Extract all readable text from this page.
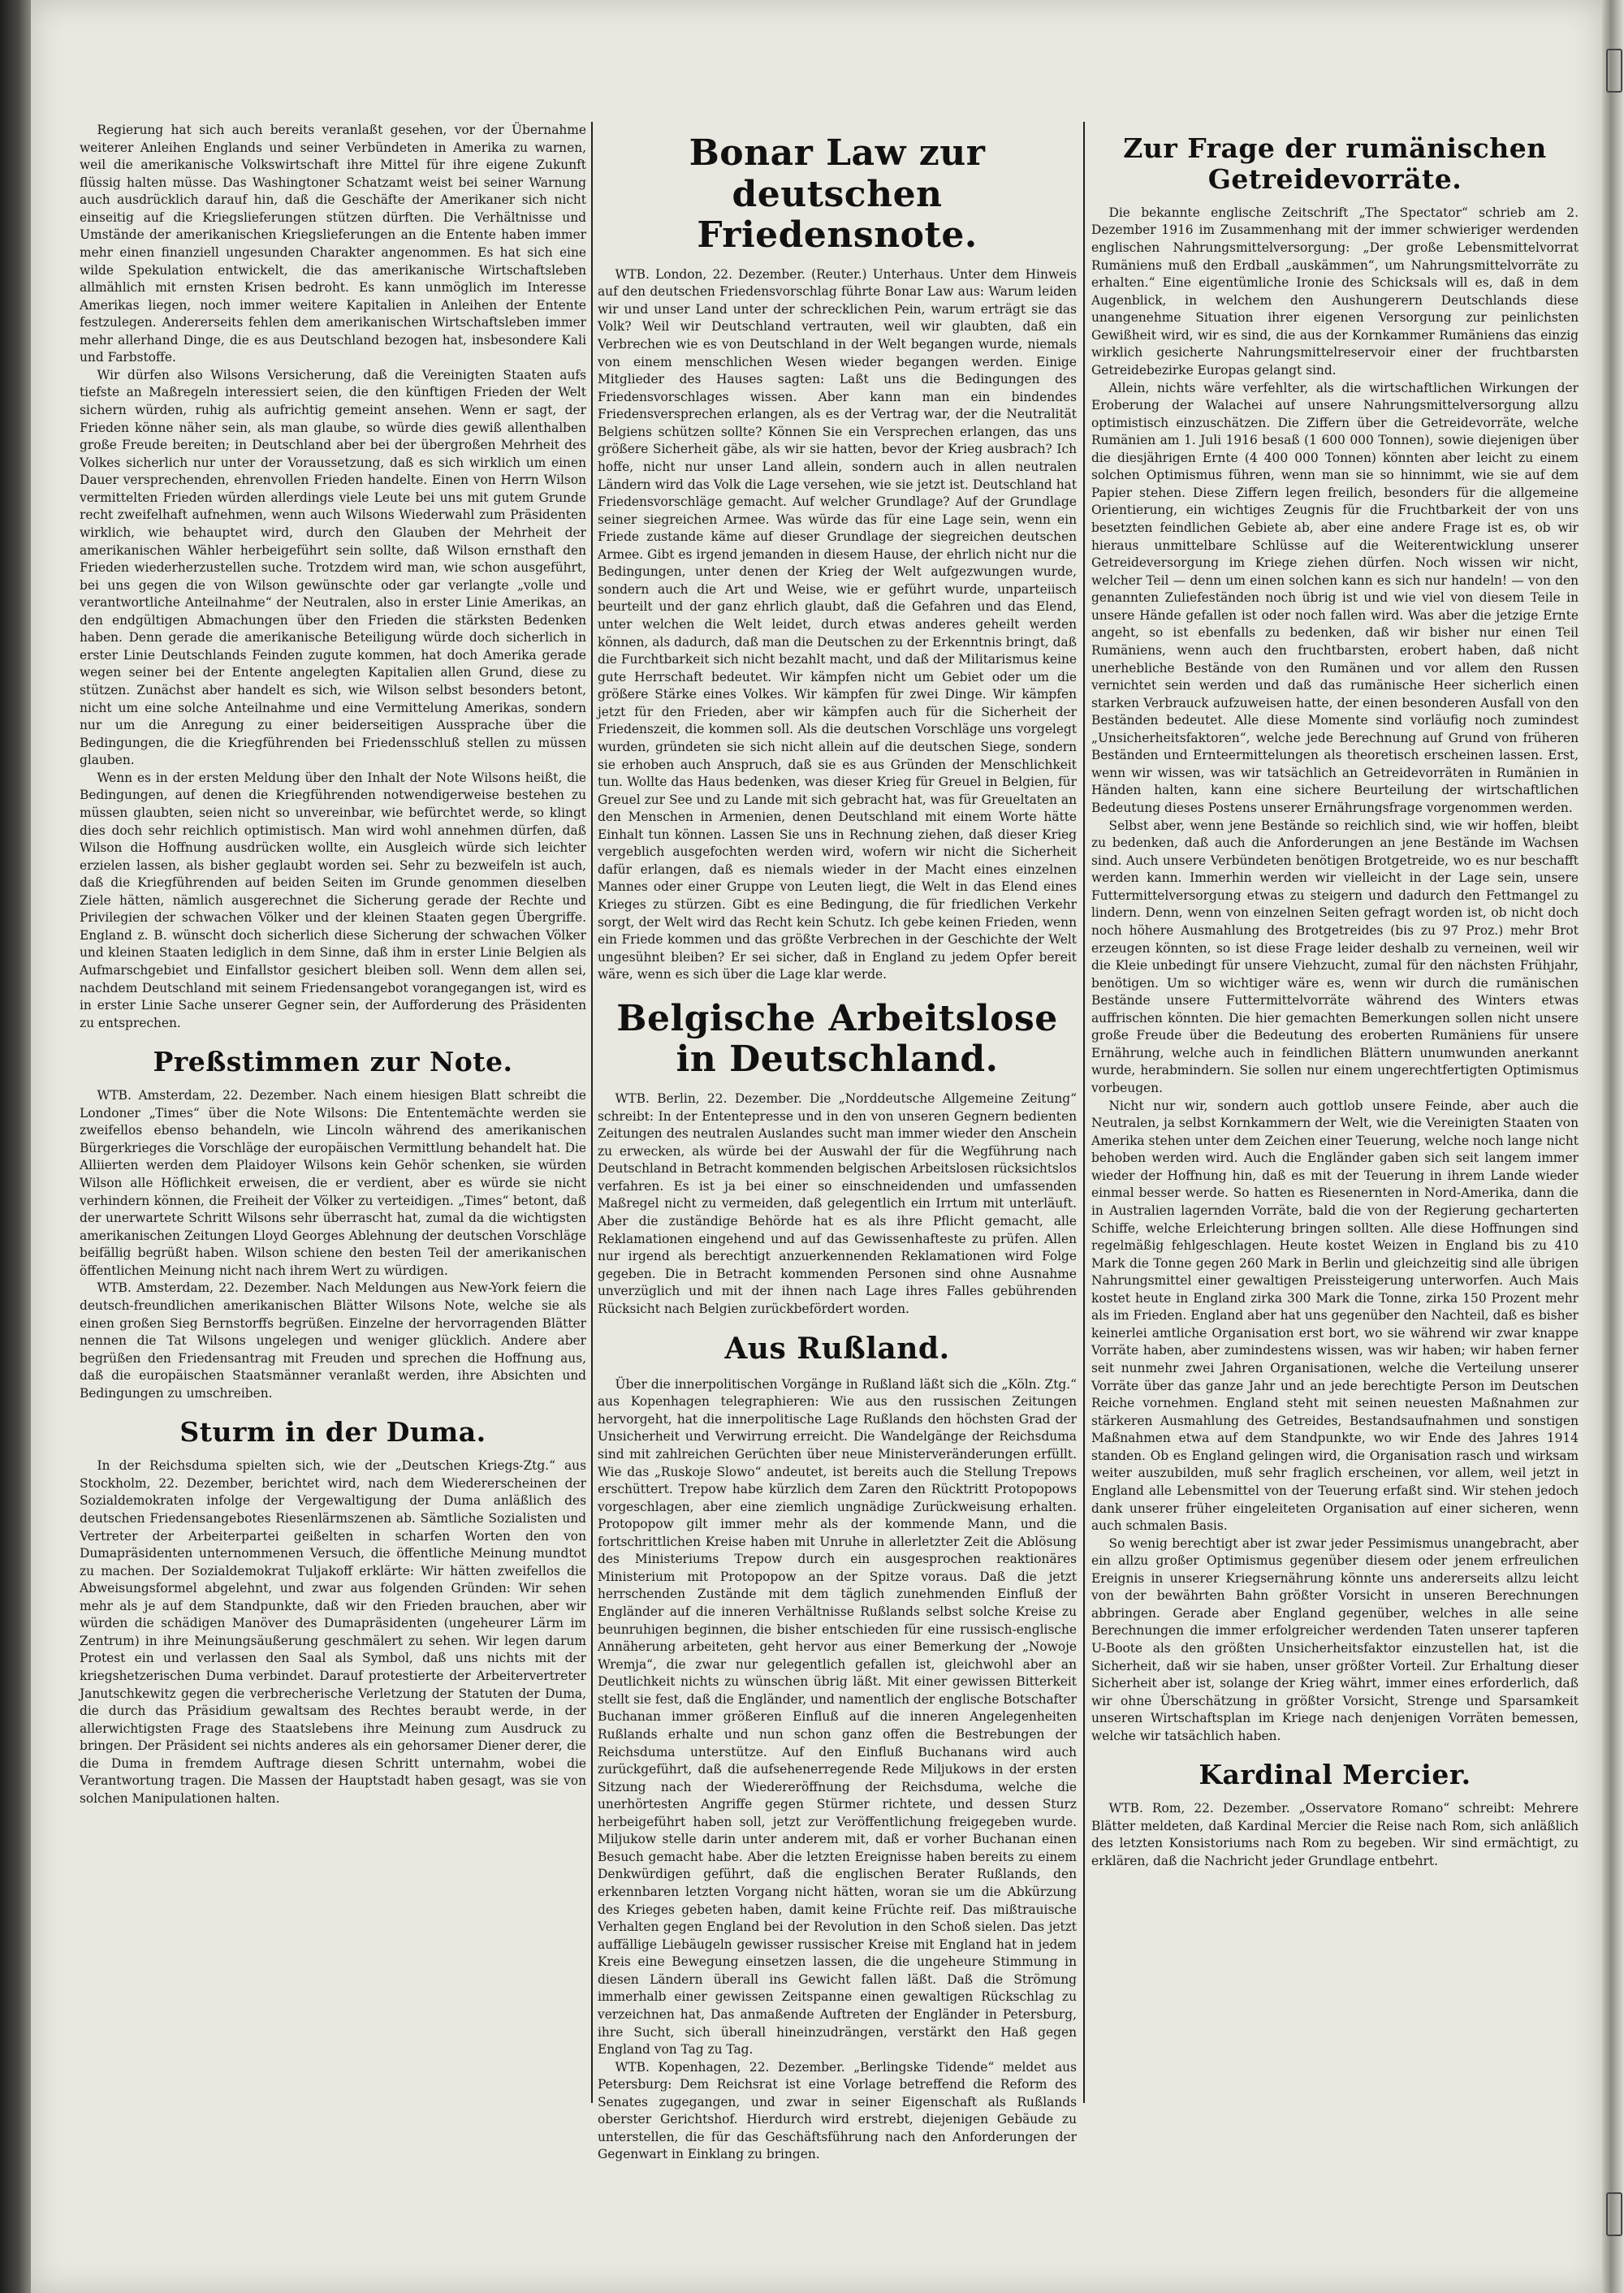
Regierung hat sich auch bereits veranlaßt gesehen, vor der Übernahme weiterer Anleihen Englands und seiner Verbündeten in Amerika zu warnen, weil die amerikanische Volkswirtschaft ihre Mittel für ihre eigene Zukunft flüssig halten müsse. Das Washingtoner Schatzamt weist bei seiner Warnung auch ausdrücklich darauf hin, daß die Geschäfte der Amerikaner sich nicht einseitig auf die Kriegslieferungen stützen dürften. Die Verhältnisse und Umstände der amerikanischen Kriegslieferungen an die Entente haben immer mehr einen finanziell ungesunden Charakter angenommen. Es hat sich eine wilde Spekulation entwickelt, die das amerikanische Wirtschaftsleben allmählich mit ernsten Krisen bedroht. Es kann unmöglich im Interesse Amerikas liegen, noch immer weitere Kapitalien in Anleihen der Entente festzulegen. Andererseits fehlen dem amerikanischen Wirtschaftsleben immer mehr allerhand Dinge, die es aus Deutschland bezogen hat, insbesondere Kali und Farbstoffe.

Wir dürfen also Wilsons Versicherung, daß die Vereinigten Staaten aufs tiefste an Maßregeln interessiert seien, die den künftigen Frieden der Welt sichern würden, ruhig als aufrichtig gemeint ansehen. Wenn er sagt, der Frieden könne näher sein, als man glaube, so würde dies gewiß allenthalben große Freude bereiten; in Deutschland aber bei der übergroßen Mehrheit des Volkes sicherlich nur unter der Voraussetzung, daß es sich wirklich um einen Dauer versprechenden, ehrenvollen Frieden handelte. Einen von Herrn Wilson vermittelten Frieden würden allerdings viele Leute bei uns mit gutem Grunde recht zweifelhaft aufnehmen, wenn auch Wilsons Wiederwahl zum Präsidenten wirklich, wie behauptet wird, durch den Glauben der Mehrheit der amerikanischen Wähler herbeigeführt sein sollte, daß Wilson ernsthaft den Frieden wiederherzustellen suche. Trotzdem wird man, wie schon ausgeführt, bei uns gegen die von Wilson gewünschte oder gar verlangte „volle und verantwortliche Anteilnahme“ der Neutralen, also in erster Linie Amerikas, an den endgültigen Abmachungen über den Frieden die stärksten Bedenken haben. Denn gerade die amerikanische Beteiligung würde doch sicherlich in erster Linie Deutschlands Feinden zugute kommen, hat doch Amerika gerade wegen seiner bei der Entente angelegten Kapitalien allen Grund, diese zu stützen. Zunächst aber handelt es sich, wie Wilson selbst besonders betont, nicht um eine solche Anteilnahme und eine Vermittelung Amerikas, sondern nur um die Anregung zu einer beiderseitigen Aussprache über die Bedingungen, die die Kriegführenden bei Friedensschluß stellen zu müssen glauben.

Wenn es in der ersten Meldung über den Inhalt der Note Wilsons heißt, die Bedingungen, auf denen die Kriegführenden notwendigerweise bestehen zu müssen glaubten, seien nicht so unvereinbar, wie befürchtet werde, so klingt dies doch sehr reichlich optimistisch. Man wird wohl annehmen dürfen, daß Wilson die Hoffnung ausdrücken wollte, ein Ausgleich würde sich leichter erzielen lassen, als bisher geglaubt worden sei. Sehr zu bezweifeln ist auch, daß die Kriegführenden auf beiden Seiten im Grunde genommen dieselben Ziele hätten, nämlich ausgerechnet die Sicherung gerade der Rechte und Privilegien der schwachen Völker und der kleinen Staaten gegen Übergriffe. England z. B. wünscht doch sicherlich diese Sicherung der schwachen Völker und kleinen Staaten lediglich in dem Sinne, daß ihm in erster Linie Belgien als Aufmarschgebiet und Einfallstor gesichert bleiben soll. Wenn dem allen sei, nachdem Deutschland mit seinem Friedensangebot vorangegangen ist, wird es in erster Linie Sache unserer Gegner sein, der Aufforderung des Präsidenten zu entsprechen.

Preßstimmen zur Note.

WTB. Amsterdam, 22. Dezember. Nach einem hiesigen Blatt schreibt die Londoner „Times“ über die Note Wilsons: Die Ententemächte werden sie zweifellos ebenso behandeln, wie Lincoln während des amerikanischen Bürgerkrieges die Vorschläge der europäischen Vermittlung behandelt hat. Die Alliierten werden dem Plaidoyer Wilsons kein Gehör schenken, sie würden Wilson alle Höflichkeit erweisen, die er verdient, aber es würde sie nicht verhindern können, die Freiheit der Völker zu verteidigen. „Times“ betont, daß der unerwartete Schritt Wilsons sehr überrascht hat, zumal da die wichtigsten amerikanischen Zeitungen Lloyd Georges Ablehnung der deutschen Vorschläge beifällig begrüßt haben. Wilson schiene den besten Teil der amerikanischen öffentlichen Meinung nicht nach ihrem Wert zu würdigen.

WTB. Amsterdam, 22. Dezember. Nach Meldungen aus New-York feiern die deutsch-freundlichen amerikanischen Blätter Wilsons Note, welche sie als einen großen Sieg Bernstorffs begrüßen. Einzelne der hervorragenden Blätter nennen die Tat Wilsons ungelegen und weniger glücklich. Andere aber begrüßen den Friedensantrag mit Freuden und sprechen die Hoffnung aus, daß die europäischen Staatsmänner veranlaßt werden, ihre Absichten und Bedingungen zu umschreiben.

Sturm in der Duma.

In der Reichsduma spielten sich, wie der „Deutschen Kriegs-Ztg.“ aus Stockholm, 22. Dezember, berichtet wird, nach dem Wiedererscheinen der Sozialdemokraten infolge der Vergewaltigung der Duma anläßlich des deutschen Friedensangebotes Riesenlärmszenen ab. Sämtliche Sozialisten und Vertreter der Arbeiterpartei geißelten in scharfen Worten den von Dumapräsidenten unternommenen Versuch, die öffentliche Meinung mundtot zu machen. Der Sozialdemokrat Tuljakoff erklärte: Wir hätten zweifellos die Abweisungsformel abgelehnt, und zwar aus folgenden Gründen: Wir sehen mehr als je auf dem Standpunkte, daß wir den Frieden brauchen, aber wir würden die schädigen Manöver des Dumapräsidenten (ungeheurer Lärm im Zentrum) in ihre Meinungsäußerung geschmälert zu sehen. Wir legen darum Protest ein und verlassen den Saal als Symbol, daß uns nichts mit der kriegshetzerischen Duma verbindet. Darauf protestierte der Arbeitervertreter Janutschkewitz gegen die verbrecherische Verletzung der Statuten der Duma, die durch das Präsidium gewaltsam des Rechtes beraubt werde, in der allerwichtigsten Frage des Staatslebens ihre Meinung zum Ausdruck zu bringen. Der Präsident sei nichts anderes als ein gehorsamer Diener derer, die die Duma in fremdem Auftrage diesen Schritt unternahm, wobei die Verantwortung tragen. Die Massen der Hauptstadt haben gesagt, was sie von solchen Manipulationen halten.

Bonar Law zur deutschen Friedensnote.

WTB. London, 22. Dezember. (Reuter.) Unterhaus. Unter dem Hinweis auf den deutschen Friedensvorschlag führte Bonar Law aus: Warum leiden wir und unser Land unter der schrecklichen Pein, warum erträgt sie das Volk? Weil wir Deutschland vertrauten, weil wir glaubten, daß ein Verbrechen wie es von Deutschland in der Welt begangen wurde, niemals von einem menschlichen Wesen wieder begangen werden. Einige Mitglieder des Hauses sagten: Laßt uns die Bedingungen des Friedensvorschlages wissen. Aber kann man ein bindendes Friedensversprechen erlangen, als es der Vertrag war, der die Neutralität Belgiens schützen sollte? Können Sie ein Versprechen erlangen, das uns größere Sicherheit gäbe, als wir sie hatten, bevor der Krieg ausbrach? Ich hoffe, nicht nur unser Land allein, sondern auch in allen neutralen Ländern wird das Volk die Lage versehen, wie sie jetzt ist. Deutschland hat Friedensvorschläge gemacht. Auf welcher Grundlage? Auf der Grundlage seiner siegreichen Armee. Was würde das für eine Lage sein, wenn ein Friede zustande käme auf dieser Grundlage der siegreichen deutschen Armee. Gibt es irgend jemanden in diesem Hause, der ehrlich nicht nur die Bedingungen, unter denen der Krieg der Welt aufgezwungen wurde, sondern auch die Art und Weise, wie er geführt wurde, unparteiisch beurteilt und der ganz ehrlich glaubt, daß die Gefahren und das Elend, unter welchen die Welt leidet, durch etwas anderes geheilt werden können, als dadurch, daß man die Deutschen zu der Erkenntnis bringt, daß die Furchtbarkeit sich nicht bezahlt macht, und daß der Militarismus keine gute Herrschaft bedeutet. Wir kämpfen nicht um Gebiet oder um die größere Stärke eines Volkes. Wir kämpfen für zwei Dinge. Wir kämpfen jetzt für den Frieden, aber wir kämpfen auch für die Sicherheit der Friedenszeit, die kommen soll. Als die deutschen Vorschläge uns vorgelegt wurden, gründeten sie sich nicht allein auf die deutschen Siege, sondern sie erhoben auch Anspruch, daß sie es aus Gründen der Menschlichkeit tun. Wollte das Haus bedenken, was dieser Krieg für Greuel in Belgien, für Greuel zur See und zu Lande mit sich gebracht hat, was für Greueltaten an den Menschen in Armenien, denen Deutschland mit einem Worte hätte Einhalt tun können. Lassen Sie uns in Rechnung ziehen, daß dieser Krieg vergeblich ausgefochten werden wird, wofern wir nicht die Sicherheit dafür erlangen, daß es niemals wieder in der Macht eines einzelnen Mannes oder einer Gruppe von Leuten liegt, die Welt in das Elend eines Krieges zu stürzen. Gibt es eine Bedingung, die für friedlichen Verkehr sorgt, der Welt wird das Recht kein Schutz. Ich gebe keinen Frieden, wenn ein Friede kommen und das größte Verbrechen in der Geschichte der Welt ungesühnt bleiben? Er sei sicher, daß in England zu jedem Opfer bereit wäre, wenn es sich über die Lage klar werde.

Belgische Arbeitslose in Deutschland.

WTB. Berlin, 22. Dezember. Die „Norddeutsche Allgemeine Zeitung“ schreibt: In der Ententepresse und in den von unseren Gegnern bedienten Zeitungen des neutralen Auslandes sucht man immer wieder den Anschein zu erwecken, als würde bei der Auswahl der für die Wegführung nach Deutschland in Betracht kommenden belgischen Arbeitslosen rücksichtslos verfahren. Es ist ja bei einer so einschneidenden und umfassenden Maßregel nicht zu vermeiden, daß gelegentlich ein Irrtum mit unterläuft. Aber die zuständige Behörde hat es als ihre Pflicht gemacht, alle Reklamationen eingehend und auf das Gewissenhafteste zu prüfen. Allen nur irgend als berechtigt anzuerkennenden Reklamationen wird Folge gegeben. Die in Betracht kommenden Personen sind ohne Ausnahme unverzüglich und mit der ihnen nach Lage ihres Falles gebührenden Rücksicht nach Belgien zurückbefördert worden.

Aus Rußland.

Über die innerpolitischen Vorgänge in Rußland läßt sich die „Köln. Ztg.“ aus Kopenhagen telegraphieren: Wie aus den russischen Zeitungen hervorgeht, hat die innerpolitische Lage Rußlands den höchsten Grad der Unsicherheit und Verwirrung erreicht. Die Wandelgänge der Reichsduma sind mit zahlreichen Gerüchten über neue Ministerveränderungen erfüllt. Wie das „Ruskoje Slowo“ andeutet, ist bereits auch die Stellung Trepows erschüttert. Trepow habe kürzlich dem Zaren den Rücktritt Protopopows vorgeschlagen, aber eine ziemlich ungnädige Zurückweisung erhalten. Protopopow gilt immer mehr als der kommende Mann, und die fortschrittlichen Kreise haben mit Unruhe in allerletzter Zeit die Ablösung des Ministeriums Trepow durch ein ausgesprochen reaktionäres Ministerium mit Protopopow an der Spitze voraus. Daß die jetzt herrschenden Zustände mit dem täglich zunehmenden Einfluß der Engländer auf die inneren Verhältnisse Rußlands selbst solche Kreise zu beunruhigen beginnen, die bisher entschieden für eine russisch-englische Annäherung arbeiteten, geht hervor aus einer Bemerkung der „Nowoje Wremja“, die zwar nur gelegentlich gefallen ist, gleichwohl aber an Deutlichkeit nichts zu wünschen übrig läßt. Mit einer gewissen Bitterkeit stellt sie fest, daß die Engländer, und namentlich der englische Botschafter Buchanan immer größeren Einfluß auf die inneren Angelegenheiten Rußlands erhalte und nun schon ganz offen die Bestrebungen der Reichsduma unterstütze. Auf den Einfluß Buchanans wird auch zurückgeführt, daß die aufsehenerregende Rede Miljukows in der ersten Sitzung nach der Wiedereröffnung der Reichsduma, welche die unerhörtesten Angriffe gegen Stürmer richtete, und dessen Sturz herbeigeführt haben soll, jetzt zur Veröffentlichung freigegeben wurde. Miljukow stelle darin unter anderem mit, daß er vorher Buchanan einen Besuch gemacht habe. Aber die letzten Ereignisse haben bereits zu einem Denkwürdigen geführt, daß die englischen Berater Rußlands, den erkennbaren letzten Vorgang nicht hätten, woran sie um die Abkürzung des Krieges gebeten haben, damit keine Früchte reif. Das mißtrauische Verhalten gegen England bei der Revolution in den Schoß sielen. Das jetzt auffällige Liebäugeln gewisser russischer Kreise mit England hat in jedem Kreis eine Bewegung einsetzen lassen, die die ungeheure Stimmung in diesen Ländern überall ins Gewicht fallen läßt. Daß die Strömung immerhalb einer gewissen Zeitspanne einen gewaltigen Rückschlag zu verzeichnen hat, Das anmaßende Auftreten der Engländer in Petersburg, ihre Sucht, sich überall hineinzudrängen, verstärkt den Haß gegen England von Tag zu Tag.

WTB. Kopenhagen, 22. Dezember. „Berlingske Tidende“ meldet aus Petersburg: Dem Reichsrat ist eine Vorlage betreffend die Reform des Senates zugegangen, und zwar in seiner Eigenschaft als Rußlands oberster Gerichtshof. Hierdurch wird erstrebt, diejenigen Gebäude zu unterstellen, die für das Geschäftsführung nach den Anforderungen der Gegenwart in Einklang zu bringen.

Zur Frage der rumänischen Getreidevorräte.

Die bekannte englische Zeitschrift „The Spectator“ schrieb am 2. Dezember 1916 im Zusammenhang mit der immer schwieriger werdenden englischen Nahrungsmittelversorgung: „Der große Lebensmittelvorrat Rumäniens muß den Erdball „auskämmen“, um Nahrungsmittelvorräte zu erhalten.“ Eine eigentümliche Ironie des Schicksals will es, daß in dem Augenblick, in welchem den Aushungerern Deutschlands diese unangenehme Situation ihrer eigenen Versorgung zur peinlichsten Gewißheit wird, wir es sind, die aus der Kornkammer Rumäniens das einzig wirklich gesicherte Nahrungsmittelreservoir einer der fruchtbarsten Getreidebezirke Europas gelangt sind.

Allein, nichts wäre verfehlter, als die wirtschaftlichen Wirkungen der Eroberung der Walachei auf unsere Nahrungsmittelversorgung allzu optimistisch einzuschätzen. Die Ziffern über die Getreidevorräte, welche Rumänien am 1. Juli 1916 besaß (1 600 000 Tonnen), sowie diejenigen über die diesjährigen Ernte (4 400 000 Tonnen) könnten aber leicht zu einem solchen Optimismus führen, wenn man sie so hinnimmt, wie sie auf dem Papier stehen. Diese Ziffern legen freilich, besonders für die allgemeine Orientierung, ein wichtiges Zeugnis für die Fruchtbarkeit der von uns besetzten feindlichen Gebiete ab, aber eine andere Frage ist es, ob wir hieraus unmittelbare Schlüsse auf die Weiterentwicklung unserer Getreideversorgung im Kriege ziehen dürfen. Noch wissen wir nicht, welcher Teil — denn um einen solchen kann es sich nur handeln! — von den genannten Zuliefeständen noch übrig ist und wie viel von diesem Teile in unsere Hände gefallen ist oder noch fallen wird. Was aber die jetzige Ernte angeht, so ist ebenfalls zu bedenken, daß wir bisher nur einen Teil Rumäniens, wenn auch den fruchtbarsten, erobert haben, daß nicht unerhebliche Bestände von den Rumänen und vor allem den Russen vernichtet sein werden und daß das rumänische Heer sicherlich einen starken Verbrauck aufzuweisen hatte, der einen besonderen Ausfall von den Beständen bedeutet. Alle diese Momente sind vorläufig noch zumindest „Unsicherheitsfaktoren“, welche jede Berechnung auf Grund von früheren Beständen und Ernteermittelungen als theoretisch erscheinen lassen. Erst, wenn wir wissen, was wir tatsächlich an Getreidevorräten in Rumänien in Händen halten, kann eine sichere Beurteilung der wirtschaftlichen Bedeutung dieses Postens unserer Ernährungsfrage vorgenommen werden.

Selbst aber, wenn jene Bestände so reichlich sind, wie wir hoffen, bleibt zu bedenken, daß auch die Anforderungen an jene Bestände im Wachsen sind. Auch unsere Verbündeten benötigen Brotgetreide, wo es nur beschafft werden kann. Immerhin werden wir vielleicht in der Lage sein, unsere Futtermittelversorgung etwas zu steigern und dadurch den Fettmangel zu lindern. Denn, wenn von einzelnen Seiten gefragt worden ist, ob nicht doch noch höhere Ausmahlung des Brotgetreides (bis zu 97 Proz.) mehr Brot erzeugen könnten, so ist diese Frage leider deshalb zu verneinen, weil wir die Kleie unbedingt für unsere Viehzucht, zumal für den nächsten Frühjahr, benötigen. Um so wichtiger wäre es, wenn wir durch die rumänischen Bestände unsere Futtermittelvorräte während des Winters etwas auffrischen könnten. Die hier gemachten Bemerkungen sollen nicht unsere große Freude über die Bedeutung des eroberten Rumäniens für unsere Ernährung, welche auch in feindlichen Blättern unumwunden anerkannt wurde, herabmindern. Sie sollen nur einem ungerechtfertigten Optimismus vorbeugen.

Nicht nur wir, sondern auch gottlob unsere Feinde, aber auch die Neutralen, ja selbst Kornkammern der Welt, wie die Vereinigten Staaten von Amerika stehen unter dem Zeichen einer Teuerung, welche noch lange nicht behoben werden wird. Auch die Engländer gaben sich seit langem immer wieder der Hoffnung hin, daß es mit der Teuerung in ihrem Lande wieder einmal besser werde. So hatten es Riesenernten in Nord-Amerika, dann die in Australien lagernden Vorräte, bald die von der Regierung gecharterten Schiffe, welche Erleichterung bringen sollten. Alle diese Hoffnungen sind regelmäßig fehlgeschlagen. Heute kostet Weizen in England bis zu 410 Mark die Tonne gegen 260 Mark in Berlin und gleichzeitig sind alle übrigen Nahrungsmittel einer gewaltigen Preissteigerung unterworfen. Auch Mais kostet heute in England zirka 300 Mark die Tonne, zirka 150 Prozent mehr als im Frieden. England aber hat uns gegenüber den Nachteil, daß es bisher keinerlei amtliche Organisation erst bort, wo sie während wir zwar knappe Vorräte haben, aber zumindestens wissen, was wir haben; wir haben ferner seit nunmehr zwei Jahren Organisationen, welche die Verteilung unserer Vorräte über das ganze Jahr und an jede berechtigte Person im Deutschen Reiche vornehmen. England steht mit seinen neuesten Maßnahmen zur stärkeren Ausmahlung des Getreides, Bestandsaufnahmen und sonstigen Maßnahmen etwa auf dem Standpunkte, wo wir Ende des Jahres 1914 standen. Ob es England gelingen wird, die Organisation rasch und wirksam weiter auszubilden, muß sehr fraglich erscheinen, vor allem, weil jetzt in England alle Lebensmittel von der Teuerung erfaßt sind. Wir stehen jedoch dank unserer früher eingeleiteten Organisation auf einer sicheren, wenn auch schmalen Basis.

So wenig berechtigt aber ist zwar jeder Pessimismus unangebracht, aber ein allzu großer Optimismus gegenüber diesem oder jenem erfreulichen Ereignis in unserer Kriegsernährung könnte uns andererseits allzu leicht von der bewährten Bahn größter Vorsicht in unseren Berechnungen abbringen. Gerade aber England gegenüber, welches in alle seine Berechnungen die immer erfolgreicher werdenden Taten unserer tapferen U-Boote als den größten Unsicherheitsfaktor einzustellen hat, ist die Sicherheit, daß wir sie haben, unser größter Vorteil. Zur Erhaltung dieser Sicherheit aber ist, solange der Krieg währt, immer eines erforderlich, daß wir ohne Überschätzung in größter Vorsicht, Strenge und Sparsamkeit unseren Wirtschaftsplan im Kriege nach denjenigen Vorräten bemessen, welche wir tatsächlich haben.

Kardinal Mercier.

WTB. Rom, 22. Dezember. „Osservatore Romano“ schreibt: Mehrere Blätter meldeten, daß Kardinal Mercier die Reise nach Rom, sich anläßlich des letzten Konsistoriums nach Rom zu begeben. Wir sind ermächtigt, zu erklären, daß die Nachricht jeder Grundlage entbehrt.
